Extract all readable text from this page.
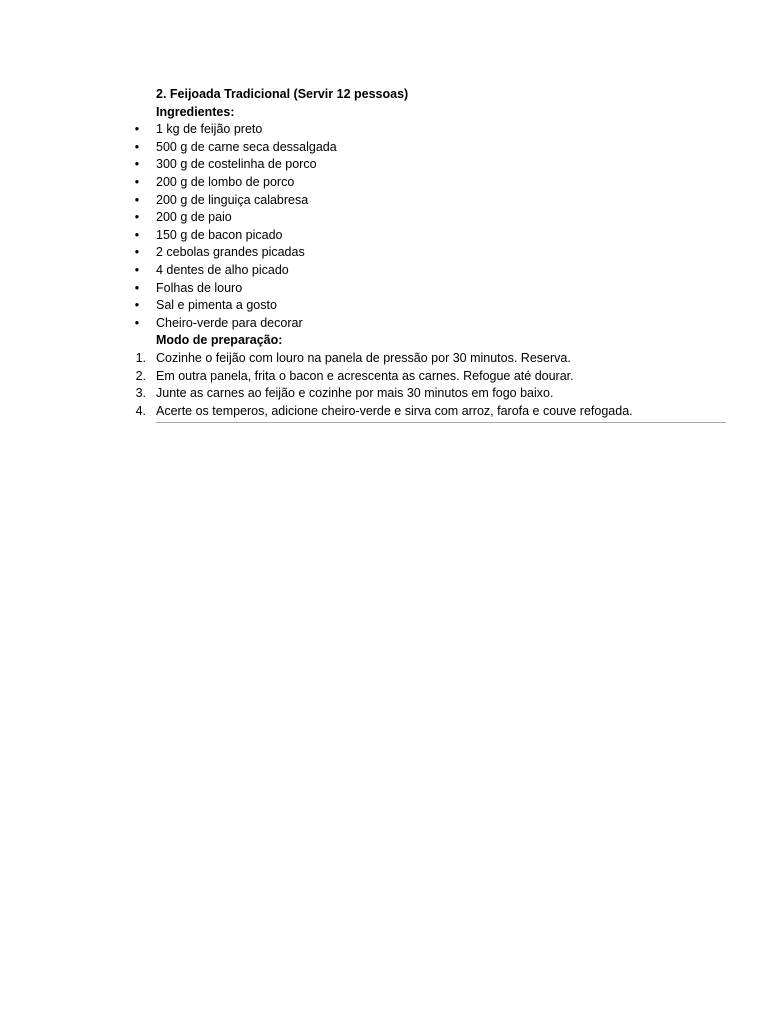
2. Feijoada Tradicional (Servir 12 pessoas)
Ingredientes:
• 1 kg de feijão preto
• 500 g de carne seca dessalgada
• 300 g de costelinha de porco
• 200 g de lombo de porco
• 200 g de linguiça calabresa
• 200 g de paio
• 150 g de bacon picado
• 2 cebolas grandes picadas
• 4 dentes de alho picado
• Folhas de louro
• Sal e pimenta a gosto
• Cheiro-verde para decorar
Modo de preparação:
1. Cozinhe o feijão com louro na panela de pressão por 30 minutos. Reserva.
2. Em outra panela, frita o bacon e acrescenta as carnes. Refogue até dourar.
3. Junte as carnes ao feijão e cozinhe por mais 30 minutos em fogo baixo.
4. Acerte os temperos, adicione cheiro-verde e sirva com arroz, farofa e couve refogada.
